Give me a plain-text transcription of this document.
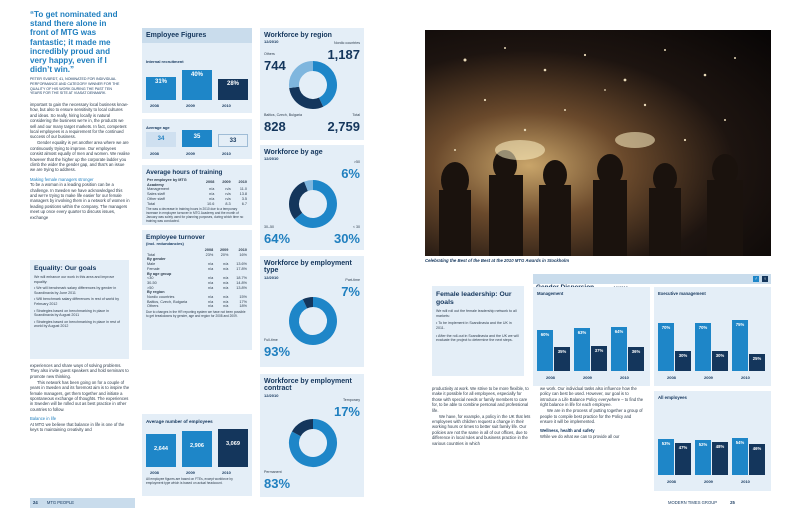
“To get nominated and stand there alone in front of MTG was fantastic; it made me incredibly proud and very happy, even if I didn’t win.”
PETER SVÄRDT, 41, NOMINATED FOR INDIVIDUAL PERFORMANCE AND CATEGORY WINNER FOR THE QUALITY OF HIS WORK DURING THE PAST TEN YEARS FOR THE SITE AT VIASAT DENMARK.

important to gain the necessary local business know-how, but also to ensure sensitivity to local cultures and ideas. So really, hiring locally is natural considering the business we’re in, the products we sell and our many target markets. In fact, competent local employees is a requirement for the continued success of our business.

Gender equality is yet another area where we are continuously trying to improve. Our employees consist almost equally of men and women. We realise however that the higher up the corporate ladder you climb the wider the gender gap, and that’s an issue we are trying to address.

Making female managers stronger

To be a woman in a leading position can be a challenge. In Sweden we have acknowledged this and we’re trying to make life easier for our female managers by involving them in a network of women in leading positions within the company. The managers meet up once every quarter to discuss issues, exchange

Equality: Our goals
We will enhance our work in this area and improve equality:
• We will benchmark salary differences by gender in Scandinavia by June 2011
• Will benchmark salary differences in rest of world by February 2012
• Strategies based on benchmarking in place in Scandinavia by August 2011
• Strategies based on benchmarking in place in rest of world by August 2012

experiences and share ways of solving problems. They also invite guest speakers and hold seminars to promote new thinking.

This network has been going on for a couple of years in Sweden and its foremost aim is to inspire the female managers, get them together and initiate a spontaneous exchange of thoughts. The experiences in Sweden will be rolled out as best practice in other countries to follow.

Balance in life

At MTG we believe that balance in life is one of the keys to maintaining creativity and

Employee Figures
Internal recruitment
31%
40%
28%
2008	2009	2010
Average age
34	35
33
2008	2009	2010
Average hours of training
Per employee by MTG Academy	2008	2009	2010
Management	n/a	n/a	11.0
Sales staff	n/a	n/a	13.8
Other staff	n/a	n/a	3.5
Total	10.6	8.3	6.7
The was a decrease in training hours in 2010 due to a temporary increase in employee turnover in MTG Academy and the month of January was solely used for planning purposes, during which time no training was conducted.
Employee turnover
(incl. redundancies)
	2008	2009	2010
Total	23%	20%	16%
By gender			
Male	n/a	n/a	13.6%
Female	n/a	n/a	17.8%
By age group			
<30	n/a	n/a	18.7%
30-50	n/a	n/a	14.8%
>50	n/a	n/a	13.8%
By region			
Nordic countries	n/a	n/a	15%
Baltics, Czech, Bulgaria	n/a	n/a	17%
Others	n/a	n/a	18%
Due to changes in the HR reporting system we have not been possible to get breakdowns by gender, age and region for 2008 and 2009.
Average number of employees
2,644	2,906	3,069
2008	2009	2010
All employee figures are based on FTEs, except workforce by employment type which is based on actual headcount.
Workforce by region
12/2010
Others
744
Nordic countries
1,187
Baltics, Czech, Bulgaria
828
Total
2,759
Workforce by age
12/2010
>50
6%
30–50
64%
< 30
30%
Workforce by employment type
12/2010
Part-time
7%
Full-time
93%
Workforce by employment contract
12/2010
Temporary
17%
Permanent
83%
Celebrating the Best of the Best at the 2010 MTG Awards in Stockholm
Female leadership: Our goals
We will roll out the female leadership network to all markets:
• To be implement in Scandinavia and the UK in 2011.
• After the roll-out in Scandinavia and the UK we will evaluate the project to determine the next steps.

productivity at work. We strive to be more flexible, to make it possible for all employees, especially for those with special needs or family members to care for, to be able to combine personal and professional life.

We have, for example, a policy in the UK that lets employees with children request a change in their working hours or times to better suit family life. Our policies are not the same in all of our offices, due to difference in local rules and business practice in the various countries in which

we work. Our individual tasks also influence how the policy can best be used. However, our goal is to introduce a Life Balance Policy everywhere – to find the right balance in life for each employee.

We are in the process of putting together a group of people to compile best practice for the Policy and ensure it will be implemented.

Wellness, health and safety

While we do what we can to provide all our

♂ ♀
Management
60%
35%
63%
37%
64%
36%
2008	2009	2010
Executive management
70%
30%
70%
30%
75%
25%
2008	2009	2010
All employees
53%
47%
52%	48%
54%
46%
2008	2009	2010
24 MTG PEOPLE	MODERN TIMES GROUP	25
